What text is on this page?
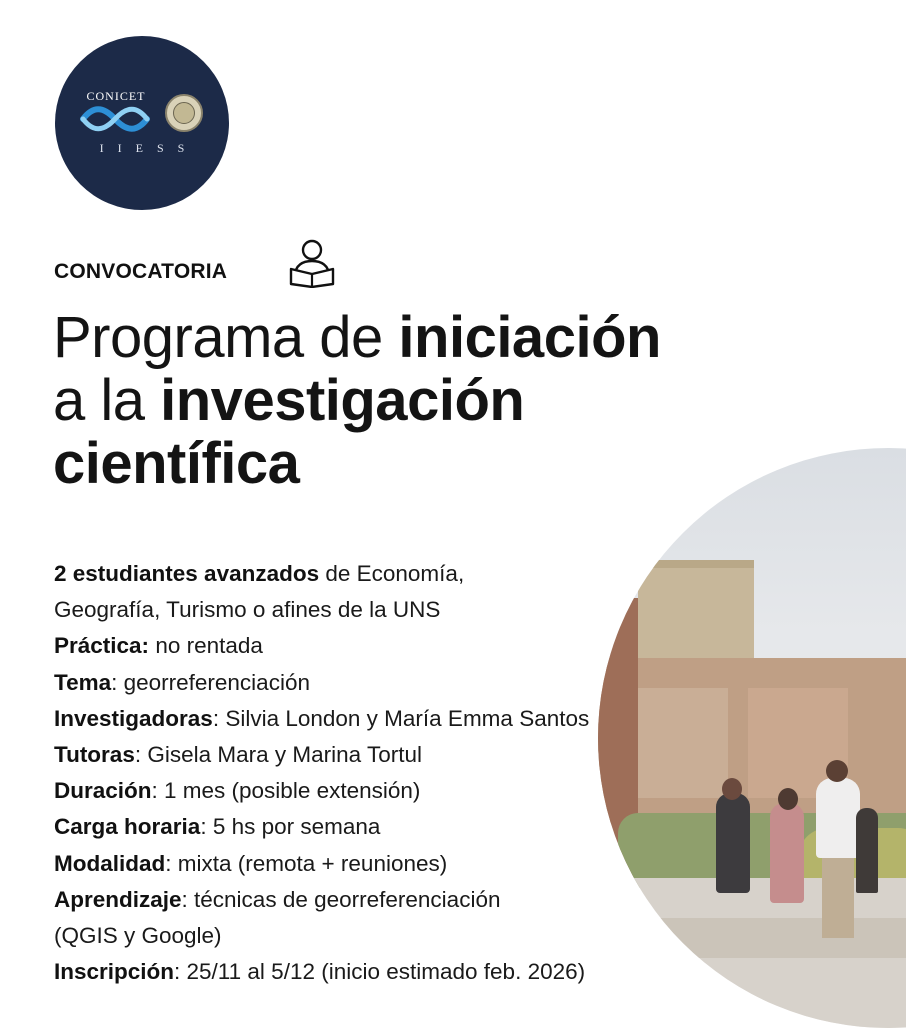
CONICET
IIESS
CONVOCATORIA
Programa de iniciación
a la investigación
científica
2 estudiantes avanzados de Economía,
Geografía, Turismo o afines de la UNS
Práctica: no rentada
Tema: georreferenciación
Investigadoras: Silvia London y María Emma Santos
Tutoras: Gisela Mara y Marina Tortul
Duración: 1 mes (posible extensión)
Carga horaria: 5 hs por semana
Modalidad: mixta (remota + reuniones)
Aprendizaje: técnicas de georreferenciación
(QGIS y Google)
Inscripción: 25/11 al 5/12 (inicio estimado feb. 2026)
